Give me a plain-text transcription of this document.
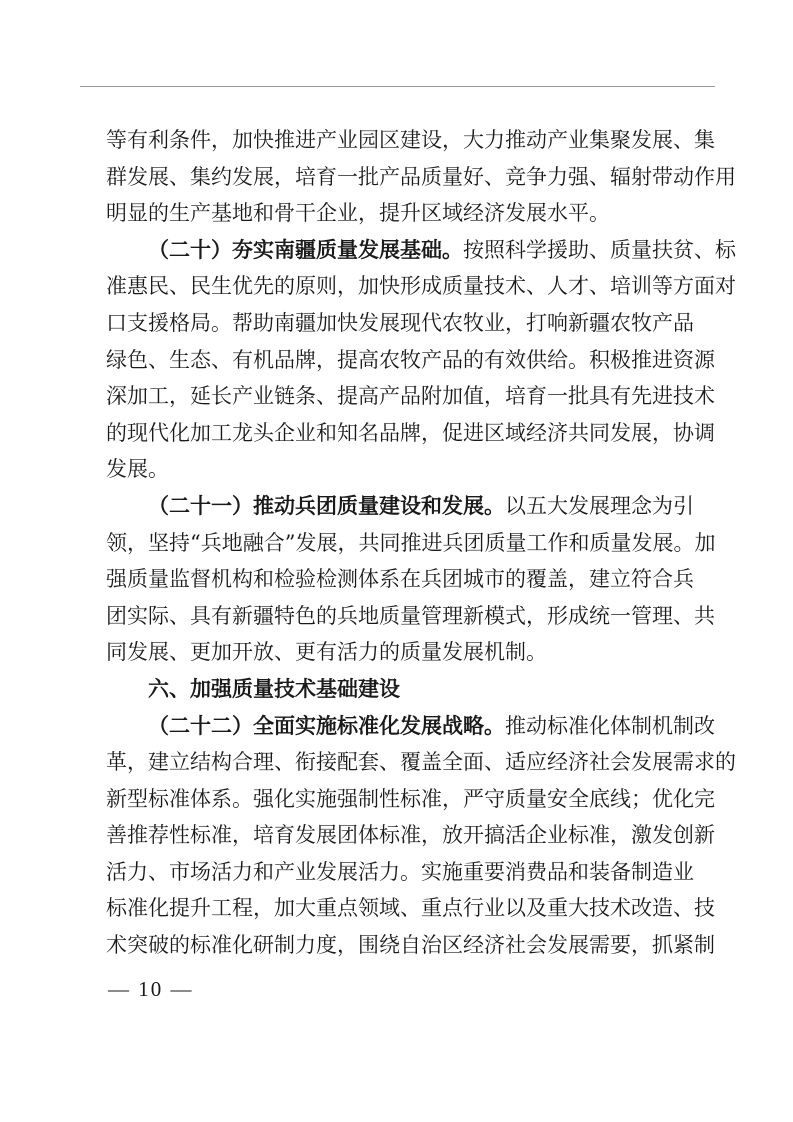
等有利条件，加快推进产业园区建设，大力推动产业集聚发展、集
群发展、集约发展，培育一批产品质量好、竞争力强、辐射带动作用
明显的生产基地和骨干企业，提升区域经济发展水平。
（二十）夯实南疆质量发展基础。按照科学援助、质量扶贫、标
准惠民、民生优先的原则，加快形成质量技术、人才、培训等方面对
口支援格局。帮助南疆加快发展现代农牧业，打响新疆农牧产品
绿色、生态、有机品牌，提高农牧产品的有效供给。积极推进资源
深加工，延长产业链条、提高产品附加值，培育一批具有先进技术
的现代化加工龙头企业和知名品牌，促进区域经济共同发展，协调
发展。
（二十一）推动兵团质量建设和发展。以五大发展理念为引
领，坚持“兵地融合”发展，共同推进兵团质量工作和质量发展。加
强质量监督机构和检验检测体系在兵团城市的覆盖，建立符合兵
团实际、具有新疆特色的兵地质量管理新模式，形成统一管理、共
同发展、更加开放、更有活力的质量发展机制。
六、加强质量技术基础建设
（二十二）全面实施标准化发展战略。推动标准化体制机制改
革，建立结构合理、衔接配套、覆盖全面、适应经济社会发展需求的
新型标准体系。强化实施强制性标准，严守质量安全底线；优化完
善推荐性标准，培育发展团体标准，放开搞活企业标准，激发创新
活力、市场活力和产业发展活力。实施重要消费品和装备制造业
标准化提升工程，加大重点领域、重点行业以及重大技术改造、技
术突破的标准化研制力度，围绕自治区经济社会发展需要，抓紧制
— 10 —
